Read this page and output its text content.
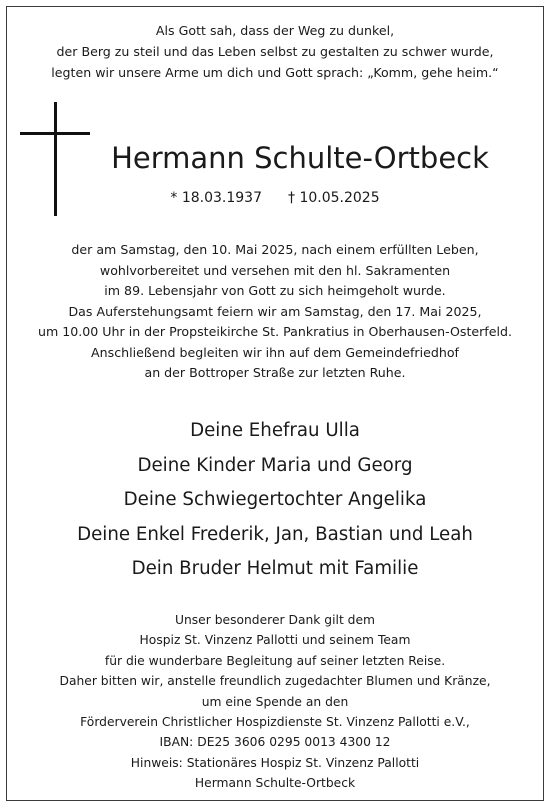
Als Gott sah, dass der Weg zu dunkel,
der Berg zu steil und das Leben selbst zu gestalten zu schwer wurde,
legten wir unsere Arme um dich und Gott sprach: „Komm, gehe heim.“
Hermann Schulte-Ortbeck
* 18.03.1937 † 10.05.2025
der am Samstag, den 10. Mai 2025, nach einem erfüllten Leben,
wohlvorbereitet und versehen mit den hl. Sakramenten
im 89. Lebensjahr von Gott zu sich heimgeholt wurde.
Das Auferstehungsamt feiern wir am Samstag, den 17. Mai 2025,
um 10.00 Uhr in der Propsteikirche St. Pankratius in Oberhausen-Osterfeld.
Anschließend begleiten wir ihn auf dem Gemeindefriedhof
an der Bottroper Straße zur letzten Ruhe.
Deine Ehefrau Ulla
Deine Kinder Maria und Georg
Deine Schwiegertochter Angelika
Deine Enkel Frederik, Jan, Bastian und Leah
Dein Bruder Helmut mit Familie
Unser besonderer Dank gilt dem
Hospiz St. Vinzenz Pallotti und seinem Team
für die wunderbare Begleitung auf seiner letzten Reise.
Daher bitten wir, anstelle freundlich zugedachter Blumen und Kränze,
um eine Spende an den
Förderverein Christlicher Hospizdienste St. Vinzenz Pallotti e.V.,
IBAN: DE25 3606 0295 0013 4300 12
Hinweis: Stationäres Hospiz St. Vinzenz Pallotti
Hermann Schulte-Ortbeck
